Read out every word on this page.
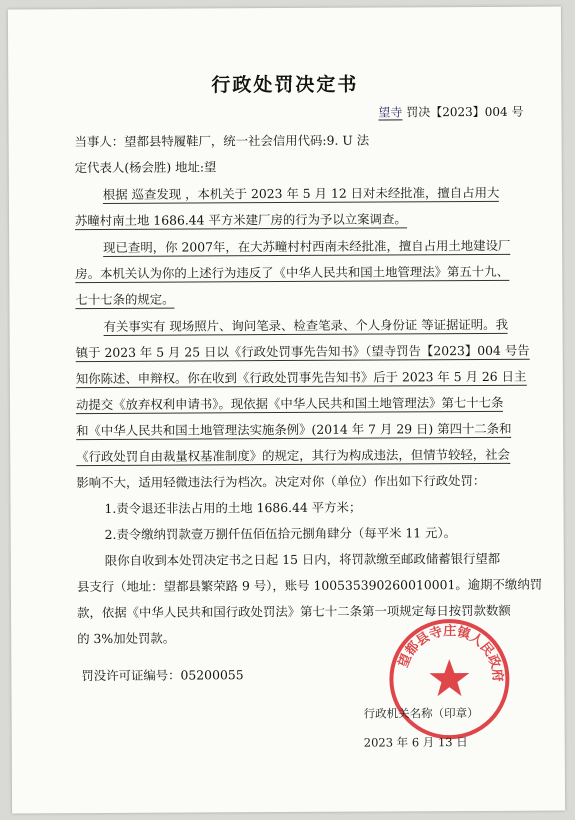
行政处罚决定书
望寺 罚决【2023】004 号
当事人：望都县特履鞋厂，统一社会信用代码:9. U 法
定代表人(杨会胜) 地址:望
根据 巡查发现 ，本机关于 2023 年 5 月 12 日对未经批准，擅自占用大
苏疃村南土地 1686.44 平方米建厂房的行为予以立案调查。
现已查明，你 2007年，在大苏疃村村西南未经批准，擅自占用土地建设厂
房。本机关认为你的上述行为违反了《中华人民共和国土地管理法》第五十九、
七十七条的规定。
有关事实有 现场照片、询问笔录、检查笔录、个人身份证 等证据证明。我
镇于 2023 年 5 月 25 日以《行政处罚事先告知书》（望寺罚告【2023】004 号告
知你陈述、申辩权。你在收到《行政处罚事先告知书》后于 2023 年 5 月 26 日主
动提交《放弃权利申请书》。现依据《中华人民共和国土地管理法》第七十七条
和《中华人民共和国土地管理法实施条例》(2014 年 7 月 29 日) 第四十二条和
《行政处罚自由裁量权基准制度》的规定，其行为构成违法，但情节较轻，社会
影响不大，适用轻微违法行为档次。决定对你（单位）作出如下行政处罚：
1.责令退还非法占用的土地 1686.44 平方米；
2.责令缴纳罚款壹万捌仟伍佰伍拾元捌角肆分（每平米 11 元）。
限你自收到本处罚决定书之日起 15 日内，将罚款缴至邮政储蓄银行望都
县支行（地址：望都县繁荣路 9 号），账号 100535390260010001。逾期不缴纳罚
款，依据《中华人民共和国行政处罚法》第七十二条第一项规定每日按罚款数额
的 3%加处罚款。
罚没许可证编号：05200055
望都县寺庄镇人民政府
行政机关名称（印章）
2023 年 6 月 13 日
